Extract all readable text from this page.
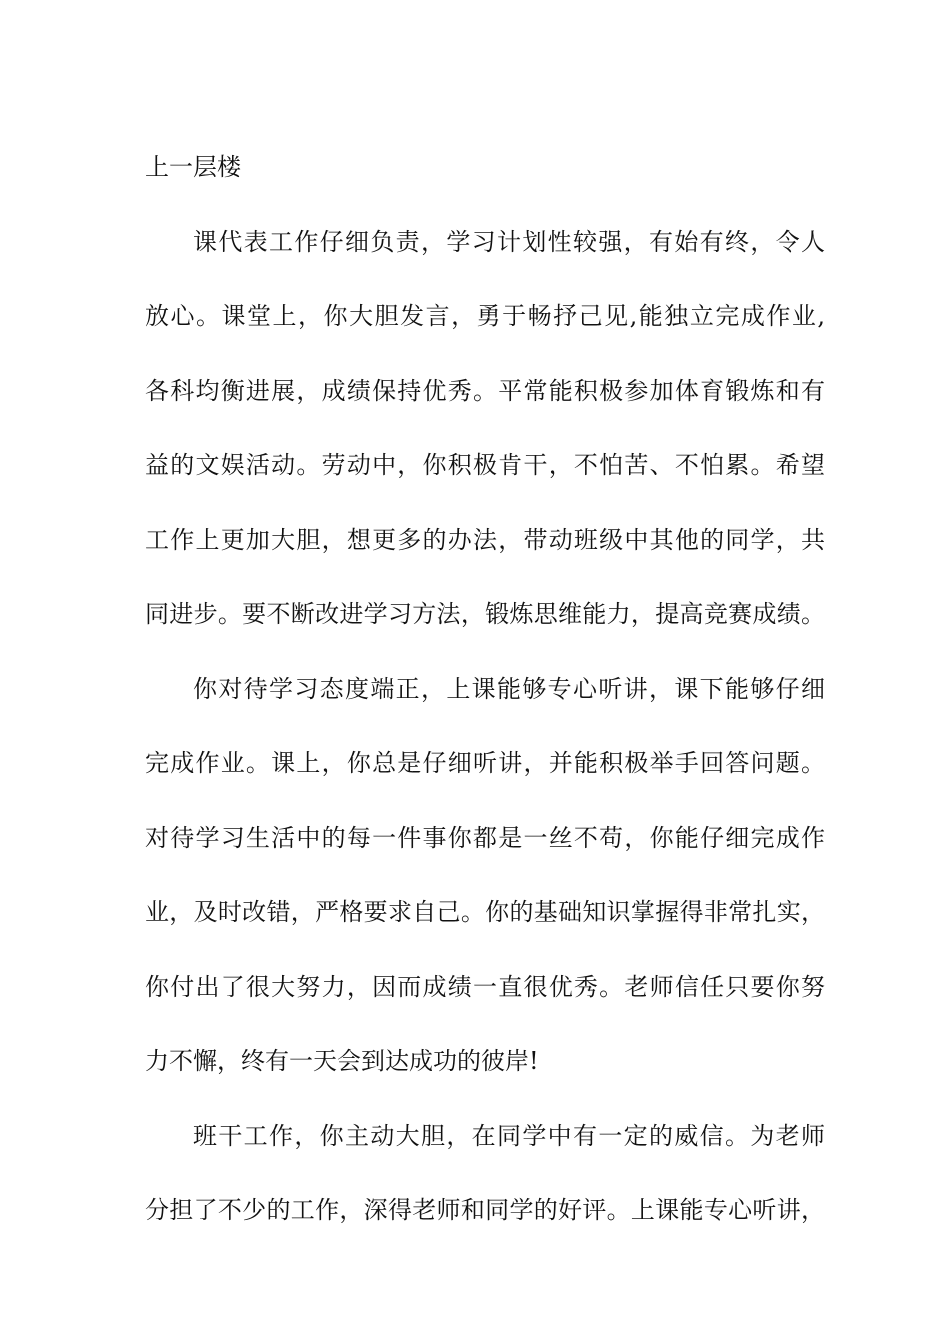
上一层楼
课代表工作仔细负责，学习计划性较强，有始有终，令人
放心。课堂上，你大胆发言，勇于畅抒己见,能独立完成作业,
各科均衡进展，成绩保持优秀。平常能积极参加体育锻炼和有
益的文娱活动。劳动中，你积极肯干，不怕苦、不怕累。希望
工作上更加大胆，想更多的办法，带动班级中其他的同学，共
同进步。要不断改进学习方法，锻炼思维能力，提高竞赛成绩。
你对待学习态度端正，上课能够专心听讲，课下能够仔细
完成作业。课上，你总是仔细听讲，并能积极举手回答问题。
对待学习生活中的每一件事你都是一丝不苟，你能仔细完成作
业，及时改错，严格要求自己。你的基础知识掌握得非常扎实，
你付出了很大努力，因而成绩一直很优秀。老师信任只要你努
力不懈，终有一天会到达成功的彼岸!
班干工作，你主动大胆，在同学中有一定的威信。为老师
分担了不少的工作，深得老师和同学的好评。上课能专心听讲，
